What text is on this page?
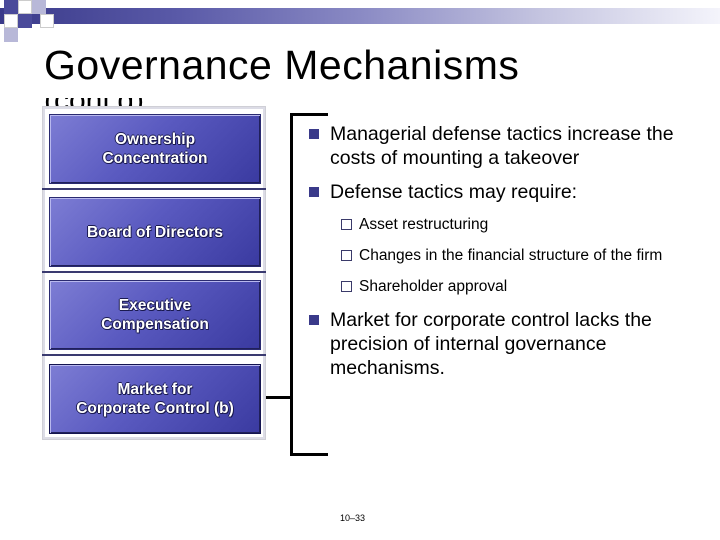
Governance Mechanisms
Ownership
Concentration
Board of Directors
Executive
Compensation
Market for
Corporate Control (b)
Managerial defense tactics increase the costs of mounting a takeover
Defense tactics may require:
Asset restructuring
Changes in the financial structure of the firm
Shareholder approval
Market for corporate control lacks the precision of internal governance mechanisms.
10–33
